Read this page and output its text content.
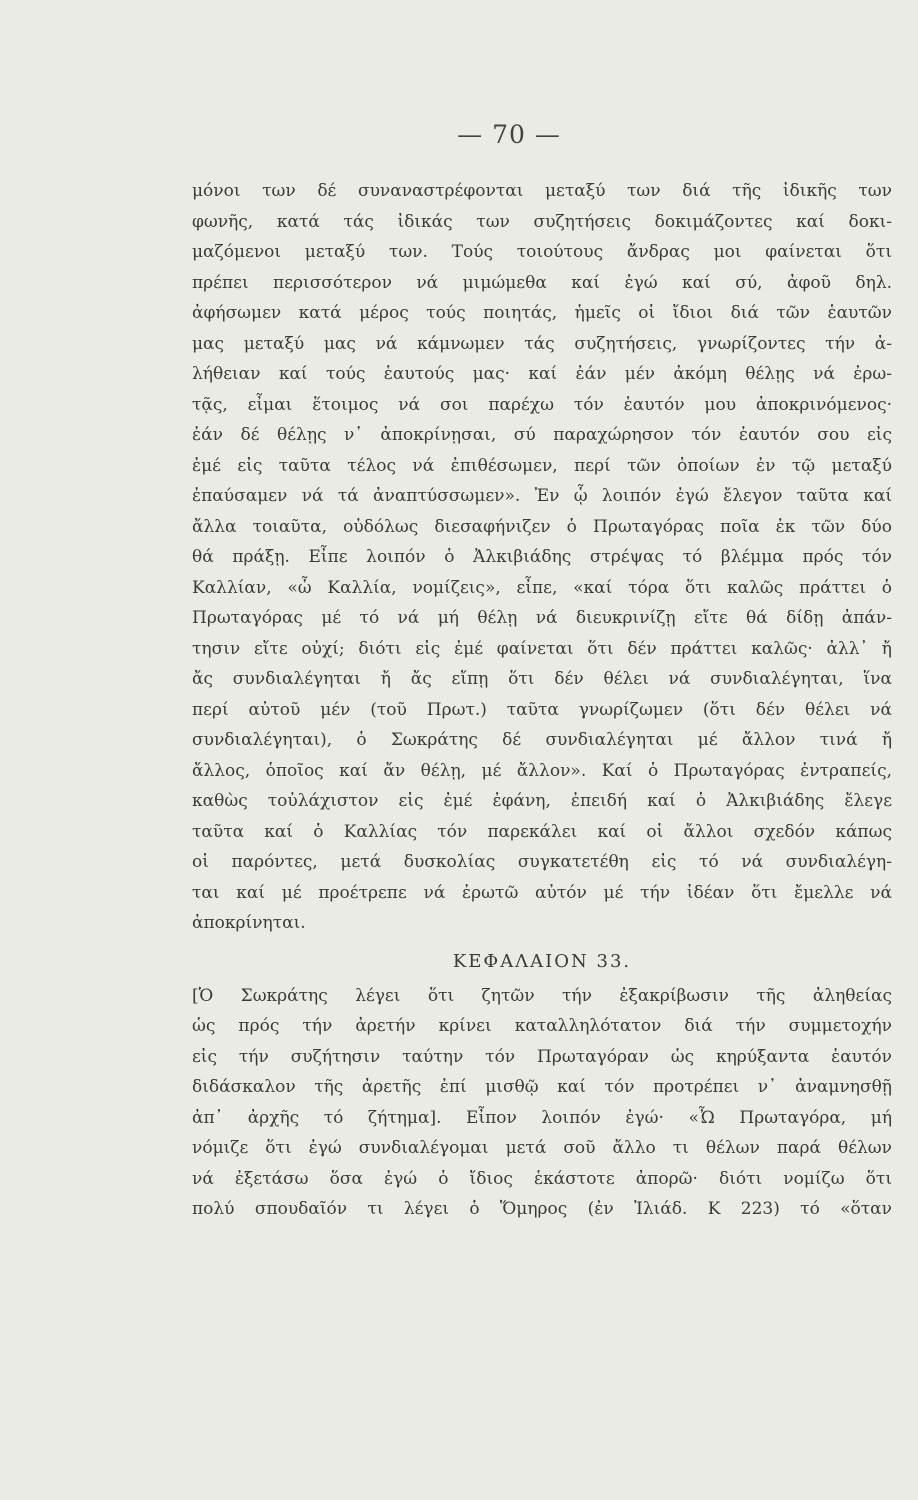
— 70 —
μόνοι των δέ συναναστρέφονται μεταξύ των διά τῆς ἰδικῆς των
φωνῆς, κατά τάς ἰδικάς των συζητήσεις δοκιμάζοντες καί δοκι-
μαζόμενοι μεταξύ των. Τούς τοιούτους ἄνδρας μοι φαίνεται ὅτι
πρέπει περισσότερον νά μιμώμεθα καί ἐγώ καί σύ, ἀφοῦ δηλ.
ἀφήσωμεν κατά μέρος τούς ποιητάς, ἡμεῖς οἱ ἴδιοι διά τῶν ἑαυτῶν
μας μεταξύ μας νά κάμνωμεν τάς συζητήσεις, γνωρίζοντες τήν ἀ-
λήθειαν καί τούς ἑαυτούς μας· καί ἐάν μέν ἀκόμη θέλῃς νά ἐρω-
τᾷς, εἶμαι ἕτοιμος νά σοι παρέχω τόν ἑαυτόν μου ἀποκρινόμενος·
ἐάν δέ θέλῃς ν᾿ ἀποκρίνῃσαι, σύ παραχώρησον τόν ἑαυτόν σου εἰς
ἐμέ εἰς ταῦτα τέλος νά ἐπιθέσωμεν, περί τῶν ὁποίων ἐν τῷ μεταξύ
ἐπαύσαμεν νά τά ἀναπτύσσωμεν». Ἐν ᾧ λοιπόν ἐγώ ἔλεγον ταῦτα καί
ἄλλα τοιαῦτα, οὐδόλως διεσαφήνιζεν ὁ Πρωταγόρας ποῖα ἐκ τῶν δύο
θά πράξῃ. Εἶπε λοιπόν ὁ Ἀλκιβιάδης στρέψας τό βλέμμα πρός τόν
Καλλίαν, «ὦ Καλλία, νομίζεις», εἶπε, «καί τόρα ὅτι καλῶς πράττει ὁ
Πρωταγόρας μέ τό νά μή θέλῃ νά διευκρινίζῃ εἴτε θά δίδῃ ἀπάν-
τησιν εἴτε οὐχί; διότι εἰς ἐμέ φαίνεται ὅτι δέν πράττει καλῶς· ἀλλ᾿ ἤ
ἄς συνδιαλέγηται ἤ ἄς εἴπῃ ὅτι δέν θέλει νά συνδιαλέγηται, ἵνα
περί αὐτοῦ μέν (τοῦ Πρωτ.) ταῦτα γνωρίζωμεν (ὅτι δέν θέλει νά
συνδιαλέγηται), ὁ Σωκράτης δέ συνδιαλέγηται μέ ἄλλον τινά ἤ
ἄλλος, ὁποῖος καί ἄν θέλῃ, μέ ἄλλον». Καί ὁ Πρωταγόρας ἐντραπείς,
καθὼς τοὐλάχιστον εἰς ἐμέ ἐφάνη, ἐπειδή καί ὁ Ἀλκιβιάδης ἔλεγε
ταῦτα καί ὁ Καλλίας τόν παρεκάλει καί οἱ ἄλλοι σχεδόν κάπως
οἱ παρόντες, μετά δυσκολίας συγκατετέθη εἰς τό νά συνδιαλέγη-
ται καί μέ προέτρεπε νά ἐρωτῶ αὐτόν μέ τήν ἰδέαν ὅτι ἔμελλε νά
ἀποκρίνηται.
ΚΕΦΑΛΑΙΟΝ 33.
[Ὁ Σωκράτης λέγει ὅτι ζητῶν τήν ἐξακρίβωσιν τῆς ἀληθείας
ὡς πρός τήν ἀρετήν κρίνει καταλληλότατον διά τήν συμμετοχήν
εἰς τήν συζήτησιν ταύτην τόν Πρωταγόραν ὡς κηρύξαντα ἑαυτόν
διδάσκαλον τῆς ἀρετῆς ἐπί μισθῷ καί τόν προτρέπει ν᾿ ἀναμνησθῇ
ἀπ᾿ ἀρχῆς τό ζήτημα]. Εἶπον λοιπόν ἐγώ· «Ὦ Πρωταγόρα, μή
νόμιζε ὅτι ἐγώ συνδιαλέγομαι μετά σοῦ ἄλλο τι θέλων παρά θέλων
νά ἐξετάσω ὅσα ἐγώ ὁ ἴδιος ἑκάστοτε ἀπορῶ· διότι νομίζω ὅτι
πολύ σπουδαῖόν τι λέγει ὁ Ὅμηρος (ἐν Ἰλιάδ. Κ 223) τό «ὅταν
